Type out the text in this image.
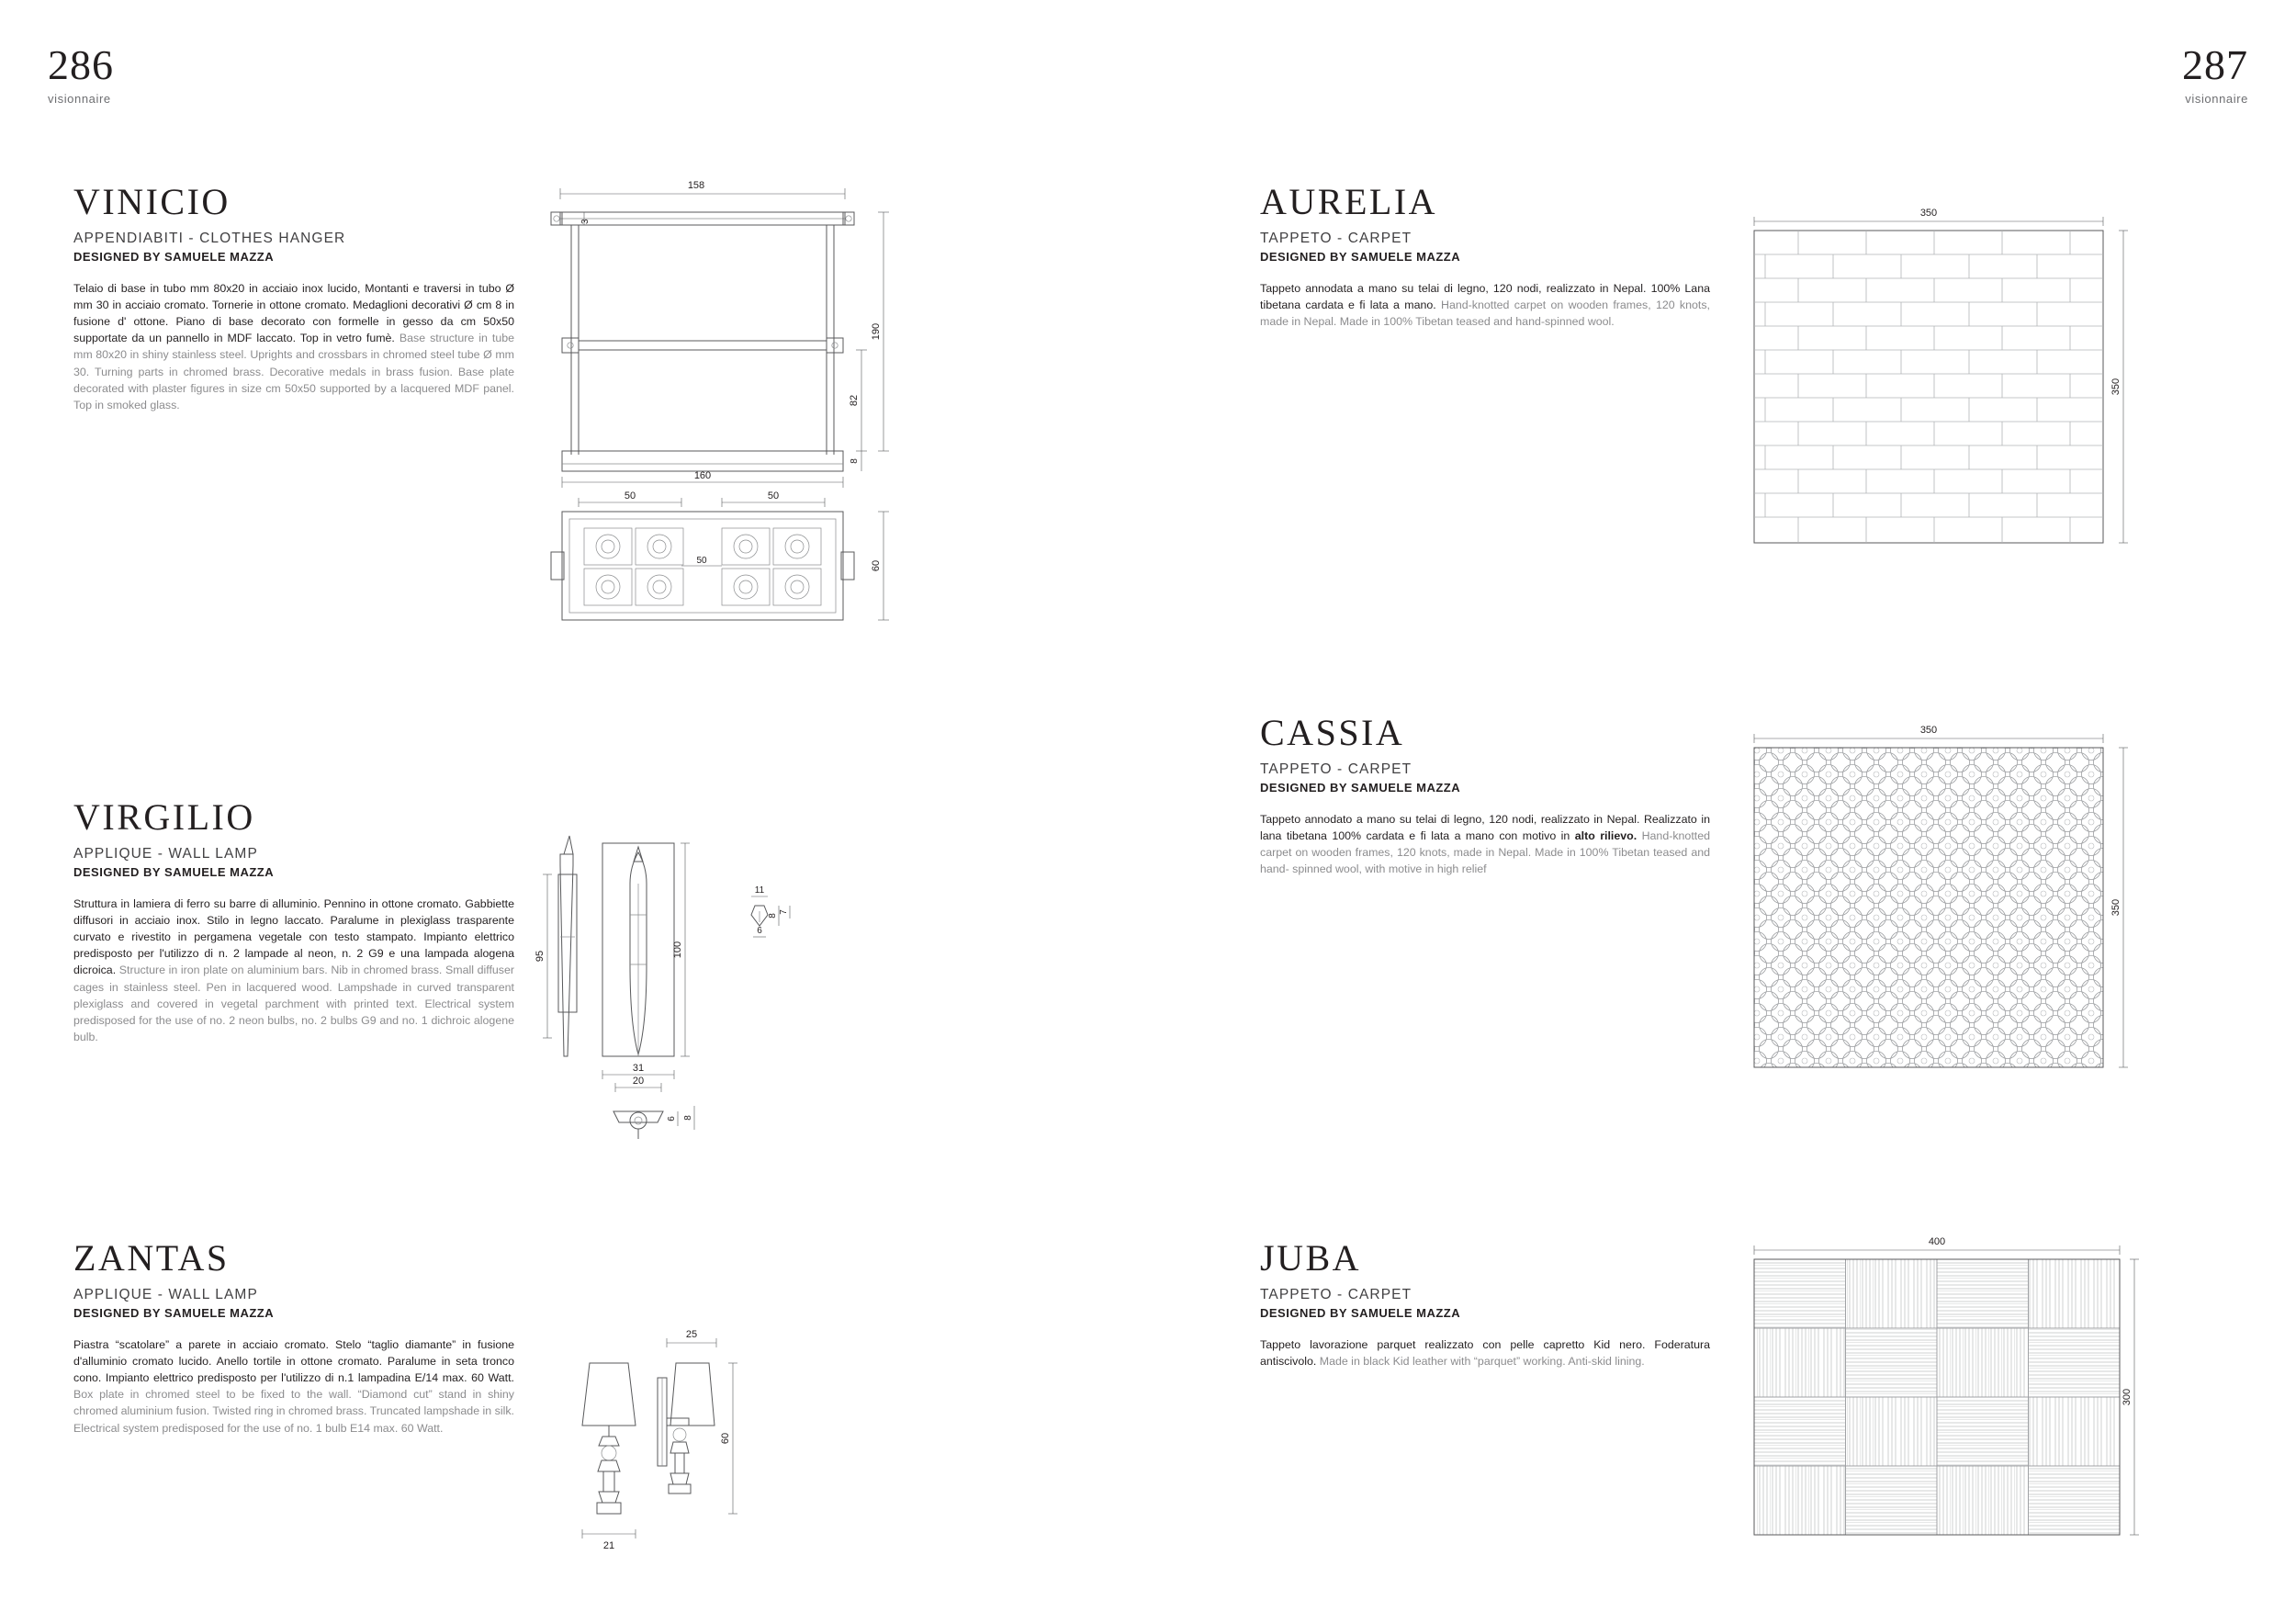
286
visionnaire
287
visionnaire
VINICIO
APPENDIABITI - CLOTHES HANGER
DESIGNED BY SAMUELE MAZZA
Telaio di base in tubo mm 80x20 in acciaio inox lucido, Montanti e traversi in tubo Ø mm 30 in acciaio cromato. Tornerie in ottone cromato. Medaglioni decorativi Ø cm 8 in fusione d' ottone. Piano di base decorato con formelle in gesso da cm 50x50 supportate da un pannello in MDF laccato. Top in vetro fumè. Base structure in tube mm 80x20 in shiny stainless steel. Uprights and crossbars in chromed steel tube Ø mm 30. Turning parts in chromed brass. Decorative medals in brass fusion. Base plate decorated with plaster figures in size cm 50x50 supported by a lacquered MDF panel. Top in smoked glass.
158
3
190
82
8
160
50	50
50	60
VIRGILIO
APPLIQUE - WALL LAMP
DESIGNED BY SAMUELE MAZZA
Struttura in lamiera di ferro su barre di alluminio. Pennino in ottone cromato. Gabbiette diffusori in acciaio inox. Stilo in legno laccato. Paralume in plexiglass trasparente curvato e rivestito in pergamena vegetale con testo stampato. Impianto elettrico predisposto per l'utilizzo di n. 2 lampade al neon, n. 2 G9 e una lampada alogena dicroica. Structure in iron plate on aluminium bars. Nib in chromed brass. Small diffuser cages in stainless steel. Pen in lacquered wood. Lampshade in curved transparent plexiglass and covered in vegetal parchment with printed text. Electrical system predisposed for the use of no. 2 neon bulbs, no. 2 bulbs G9 and no. 1 dichroic alogene bulb.
95	100
31
20
11
8
7
6
6 8
ZANTAS
APPLIQUE - WALL LAMP
DESIGNED BY SAMUELE MAZZA
Piastra “scatolare” a parete in acciaio cromato. Stelo “taglio diamante” in fusione d'alluminio cromato lucido. Anello tortile in ottone cromato. Paralume in seta tronco cono. Impianto elettrico predisposto per l'utilizzo di n.1 lampadina E/14 max. 60 Watt. Box plate in chromed steel to be fixed to the wall. “Diamond cut” stand in shiny chromed aluminium fusion. Twisted ring in chromed brass. Truncated lampshade in silk. Electrical system predisposed for the use of no. 1 bulb E14 max. 60 Watt.
25
60
21
AURELIA
TAPPETO - CARPET
DESIGNED BY SAMUELE MAZZA
Tappeto annodata a mano su telai di legno, 120 nodi, realizzato in Nepal. 100% Lana tibetana cardata e fi lata a mano. Hand-knotted carpet on wooden frames, 120 knots, made in Nepal. Made in 100% Tibetan teased and hand-spinned wool.
350
350
CASSIA
TAPPETO - CARPET
DESIGNED BY SAMUELE MAZZA
Tappeto annodato a mano su telai di legno, 120 nodi, realizzato in Nepal. Realizzato in lana tibetana 100% cardata e fi lata a mano con motivo in alto rilievo. Hand-knotted carpet on wooden frames, 120 knots, made in Nepal. Made in 100% Tibetan teased and hand- spinned wool, with motive in high relief
350
350
JUBA
TAPPETO - CARPET
DESIGNED BY SAMUELE MAZZA
Tappeto lavorazione parquet realizzato con pelle capretto Kid nero. Foderatura antiscivolo. Made in black Kid leather with “parquet” working. Anti-skid lining.
400
300
